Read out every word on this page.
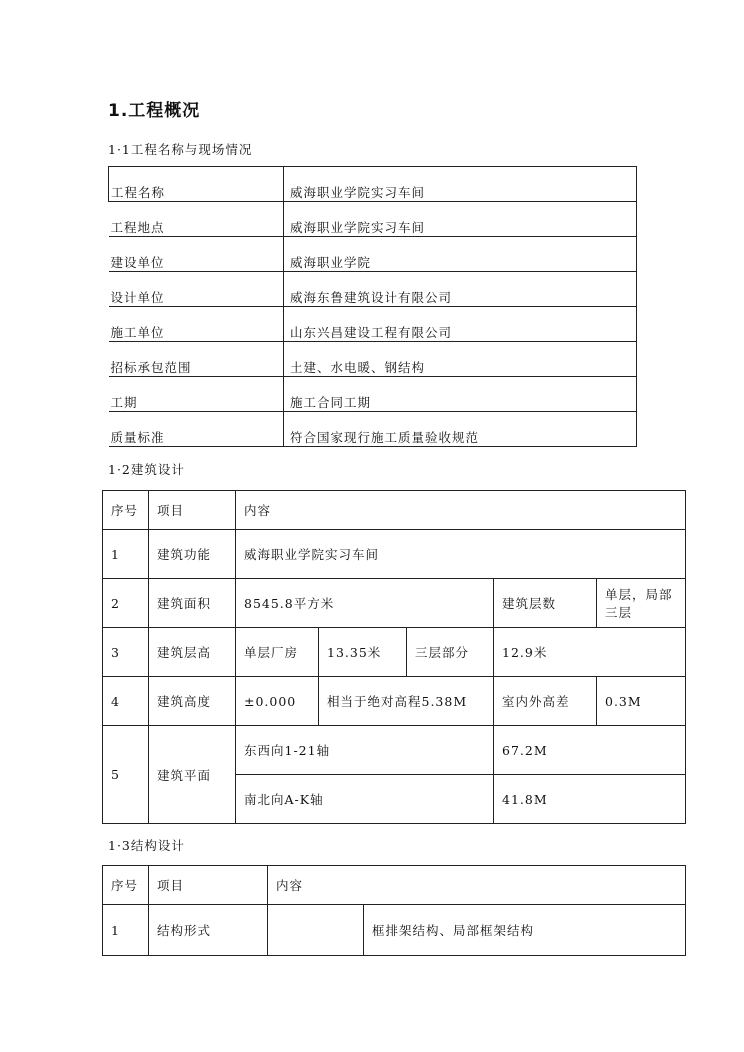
1.工程概况
1·1工程名称与现场情况
工程名称	威海职业学院实习车间
工程地点	威海职业学院实习车间
建设单位	威海职业学院
设计单位	威海东鲁建筑设计有限公司
施工单位	山东兴昌建设工程有限公司
招标承包范围	土建、水电暖、钢结构
工期	施工合同工期
质量标准	符合国家现行施工质量验收规范
1·2建筑设计
序号	项目	内容				
1	建筑功能	威海职业学院实习车间				
2	建筑面积	8545.8平方米			建筑层数	单层，局部三层
3	建筑层高	单层厂房	13.35米	三层部分	12.9米	
4	建筑高度	±0.000	相当于绝对高程5.38M		室内外高差	0.3M
5	建筑平面	东西向1-21轴			67.2M	
		南北向A-K轴			41.8M	
1·3结构设计
序号	项目	内容	
1	结构形式		框排架结构、局部框架结构
